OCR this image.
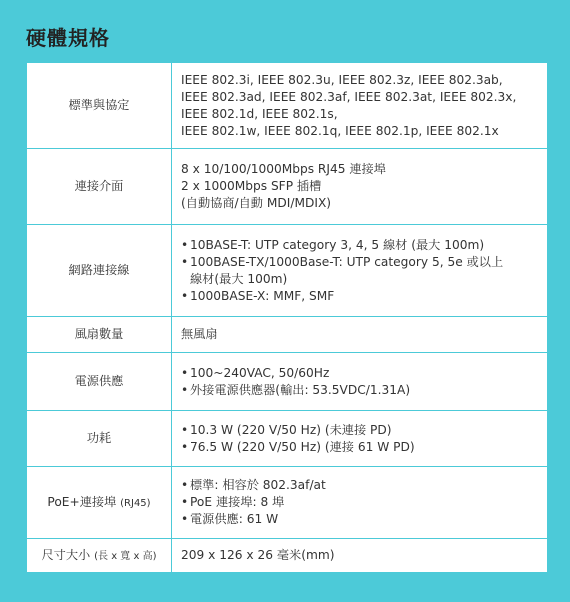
硬體規格
標準與協定	IEEE 802.3i, IEEE 802.3u, IEEE 802.3z, IEEE 802.3ab,
IEEE 802.3ad, IEEE 802.3af, IEEE 802.3at, IEEE 802.3x,
IEEE 802.1d, IEEE 802.1s,
IEEE 802.1w, IEEE 802.1q, IEEE 802.1p, IEEE 802.1x

連接介面	8 x 10/100/1000Mbps RJ45 連接埠
2 x 1000Mbps SFP 插槽
(自動協商/自動 MDI/MDIX)

網路連接線	• 10BASE-T: UTP category 3, 4, 5 線材 (最大 100m)
• 100BASE-TX/1000Base-T: UTP category 5, 5e 或以上
線材(最大 100m)
• 1000BASE-X: MMF, SMF

風扇數量	無風扇

電源供應	• 100~240VAC, 50/60Hz
• 外接電源供應器(輸出: 53.5VDC/1.31A)

功耗	• 10.3 W (220 V/50 Hz) (未連接 PD)
• 76.5 W (220 V/50 Hz) (連接 61 W PD)

PoE+連接埠 (RJ45)	• 標準: 相容於 802.3af/at
• PoE 連接埠: 8 埠
• 電源供應: 61 W

尺寸大小 (長 x 寬 x 高)	209 x 126 x 26 毫米(mm)
